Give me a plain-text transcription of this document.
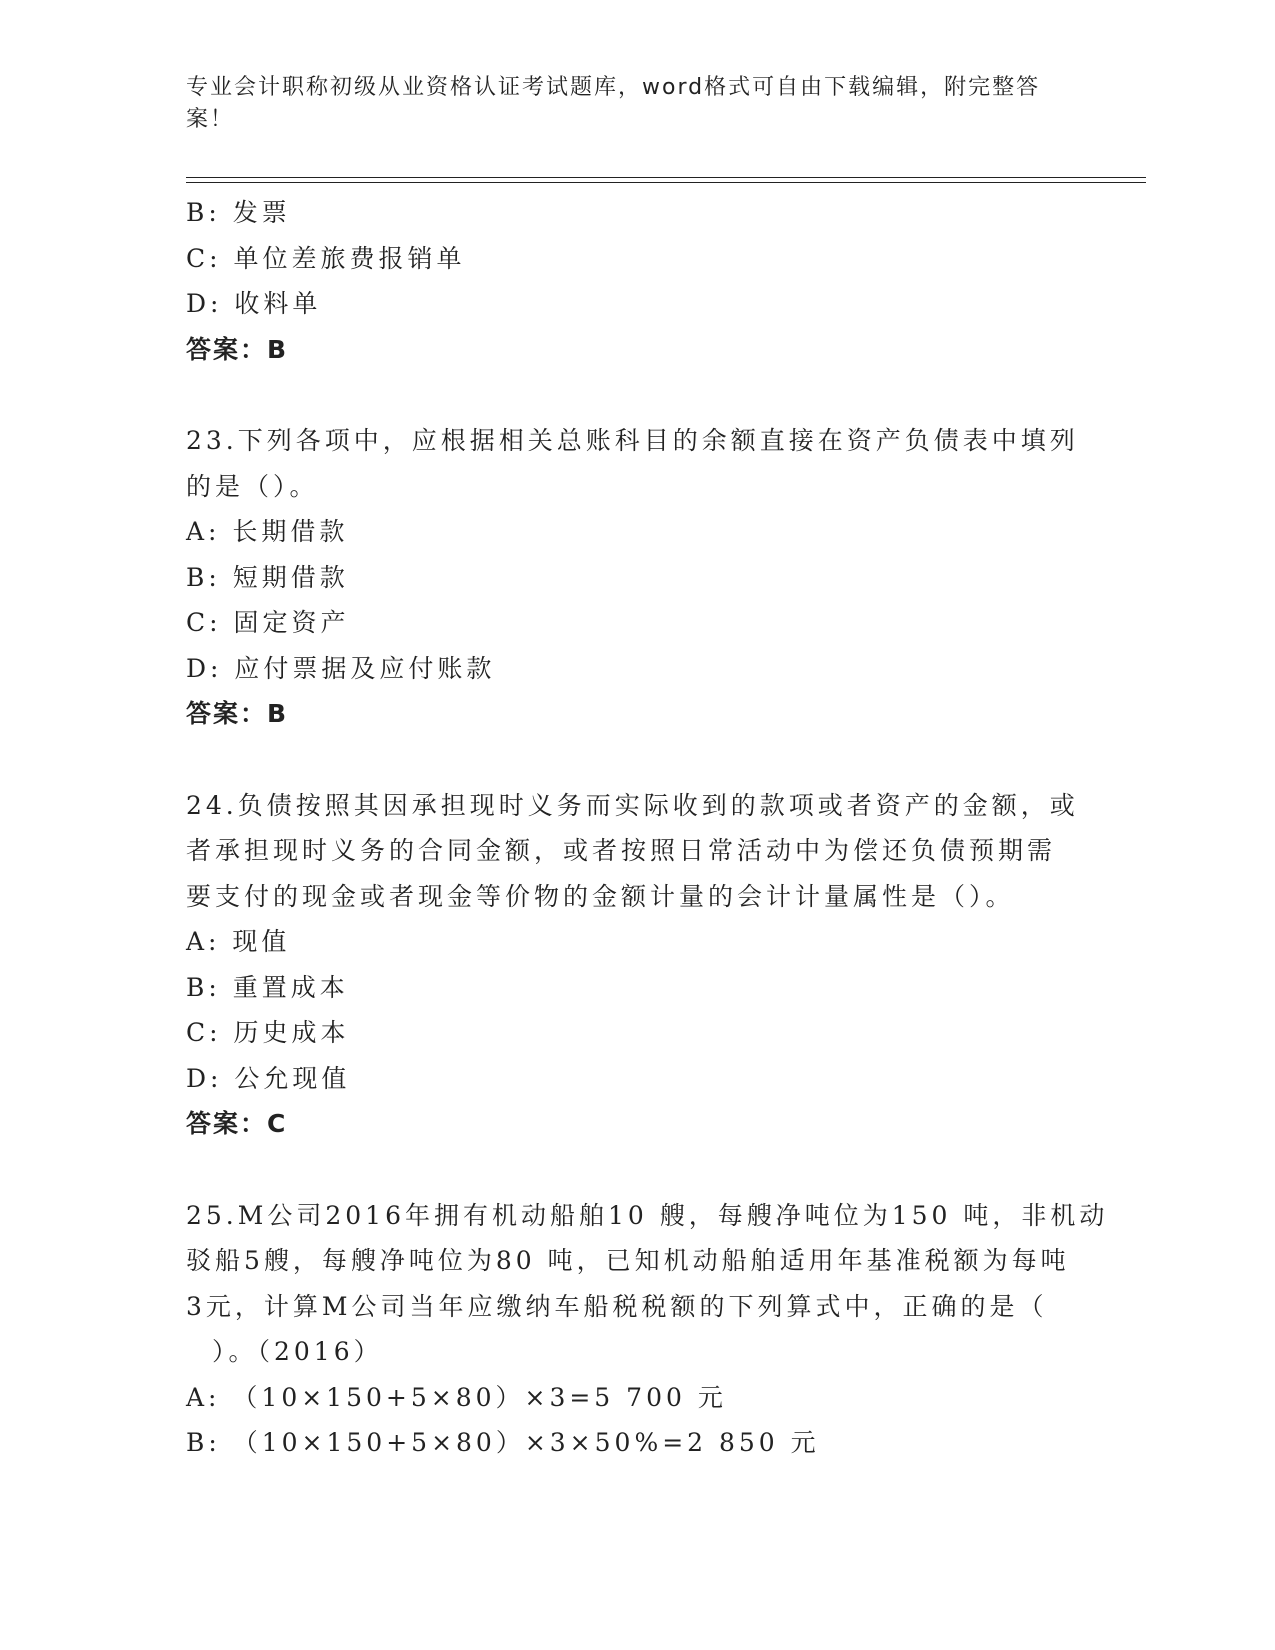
专业会计职称初级从业资格认证考试题库，word格式可自由下载编辑，附完整答
案！
B: 发票
C: 单位差旅费报销单
D: 收料单
答案：B
23.下列各项中，应根据相关总账科目的余额直接在资产负债表中填列
的是（）。
A: 长期借款
B: 短期借款
C: 固定资产
D: 应付票据及应付账款
答案：B
24.负债按照其因承担现时义务而实际收到的款项或者资产的金额，或
者承担现时义务的合同金额，或者按照日常活动中为偿还负债预期需
要支付的现金或者现金等价物的金额计量的会计计量属性是（）。
A: 现值
B: 重置成本
C: 历史成本
D: 公允现值
答案：C
25.M公司2016年拥有机动船舶10 艘，每艘净吨位为150 吨，非机动
驳船5艘，每艘净吨位为80 吨，已知机动船舶适用年基准税额为每吨
3元，计算M公司当年应缴纳车船税税额的下列算式中，正确的是（
）。（2016）
A: （10×150+5×80）×3=5 700 元
B: （10×150+5×80）×3×50%=2 850 元
